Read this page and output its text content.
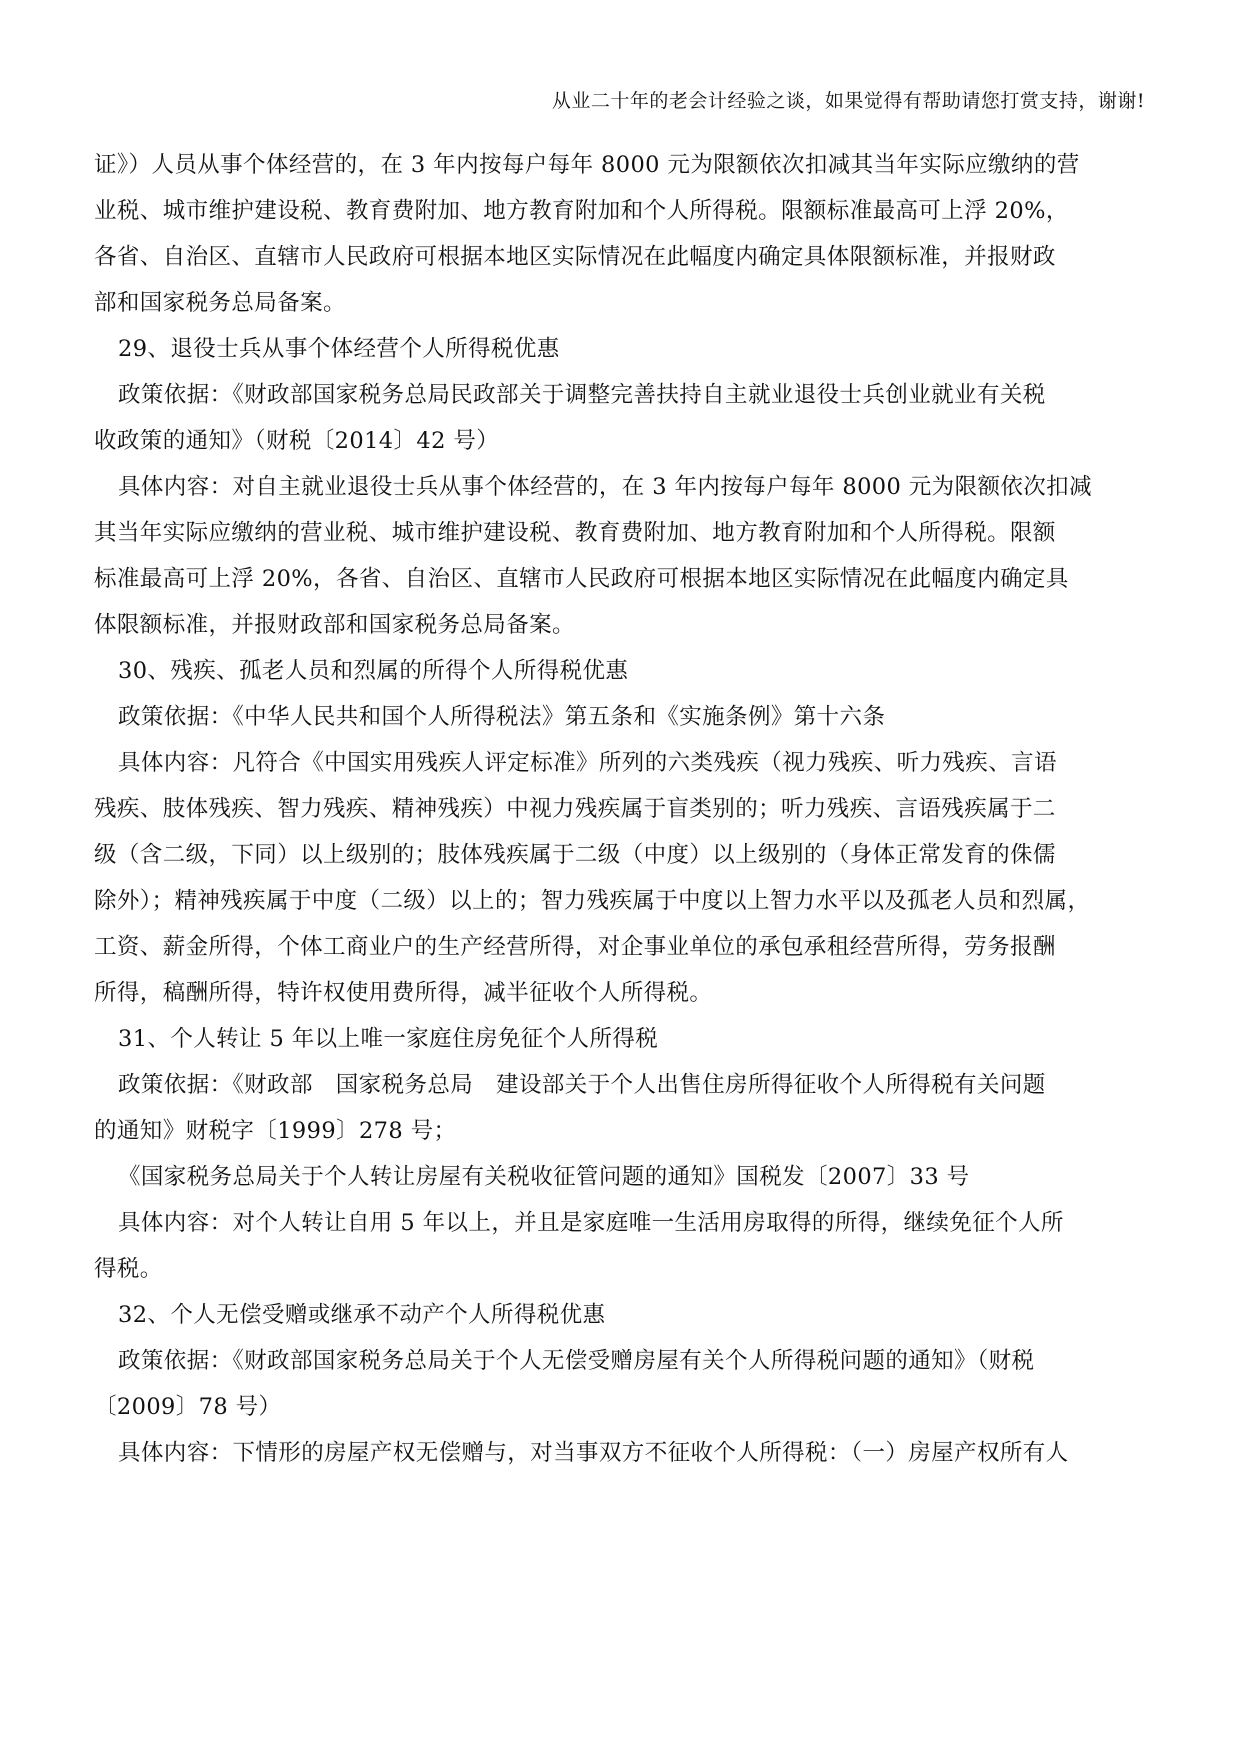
从业二十年的老会计经验之谈，如果觉得有帮助请您打赏支持，谢谢!
证》）人员从事个体经营的，在 3 年内按每户每年 8000 元为限额依次扣减其当年实际应缴纳的营
业税、城市维护建设税、教育费附加、地方教育附加和个人所得税。限额标准最高可上浮 20%，
各省、自治区、直辖市人民政府可根据本地区实际情况在此幅度内确定具体限额标准，并报财政
部和国家税务总局备案。
29、退役士兵从事个体经营个人所得税优惠
政策依据：《财政部国家税务总局民政部关于调整完善扶持自主就业退役士兵创业就业有关税
收政策的通知》（财税〔2014〕42 号）
具体内容：对自主就业退役士兵从事个体经营的，在 3 年内按每户每年 8000 元为限额依次扣减
其当年实际应缴纳的营业税、城市维护建设税、教育费附加、地方教育附加和个人所得税。限额
标准最高可上浮 20%，各省、自治区、直辖市人民政府可根据本地区实际情况在此幅度内确定具
体限额标准，并报财政部和国家税务总局备案。
30、残疾、孤老人员和烈属的所得个人所得税优惠
政策依据：《中华人民共和国个人所得税法》第五条和《实施条例》第十六条
具体内容：凡符合《中国实用残疾人评定标准》所列的六类残疾（视力残疾、听力残疾、言语
残疾、肢体残疾、智力残疾、精神残疾）中视力残疾属于盲类别的；听力残疾、言语残疾属于二
级（含二级，下同）以上级别的；肢体残疾属于二级（中度）以上级别的（身体正常发育的侏儒
除外）；精神残疾属于中度（二级）以上的；智力残疾属于中度以上智力水平以及孤老人员和烈属，
工资、薪金所得，个体工商业户的生产经营所得，对企事业单位的承包承租经营所得，劳务报酬
所得，稿酬所得，特许权使用费所得，减半征收个人所得税。
31、个人转让 5 年以上唯一家庭住房免征个人所得税
政策依据：《财政部　国家税务总局　建设部关于个人出售住房所得征收个人所得税有关问题
的通知》财税字〔1999〕278 号；
《国家税务总局关于个人转让房屋有关税收征管问题的通知》国税发〔2007〕33 号
具体内容：对个人转让自用 5 年以上，并且是家庭唯一生活用房取得的所得，继续免征个人所
得税。
32、个人无偿受赠或继承不动产个人所得税优惠
政策依据：《财政部国家税务总局关于个人无偿受赠房屋有关个人所得税问题的通知》（财税
〔2009〕78 号）
具体内容：下情形的房屋产权无偿赠与，对当事双方不征收个人所得税：（一）房屋产权所有人
